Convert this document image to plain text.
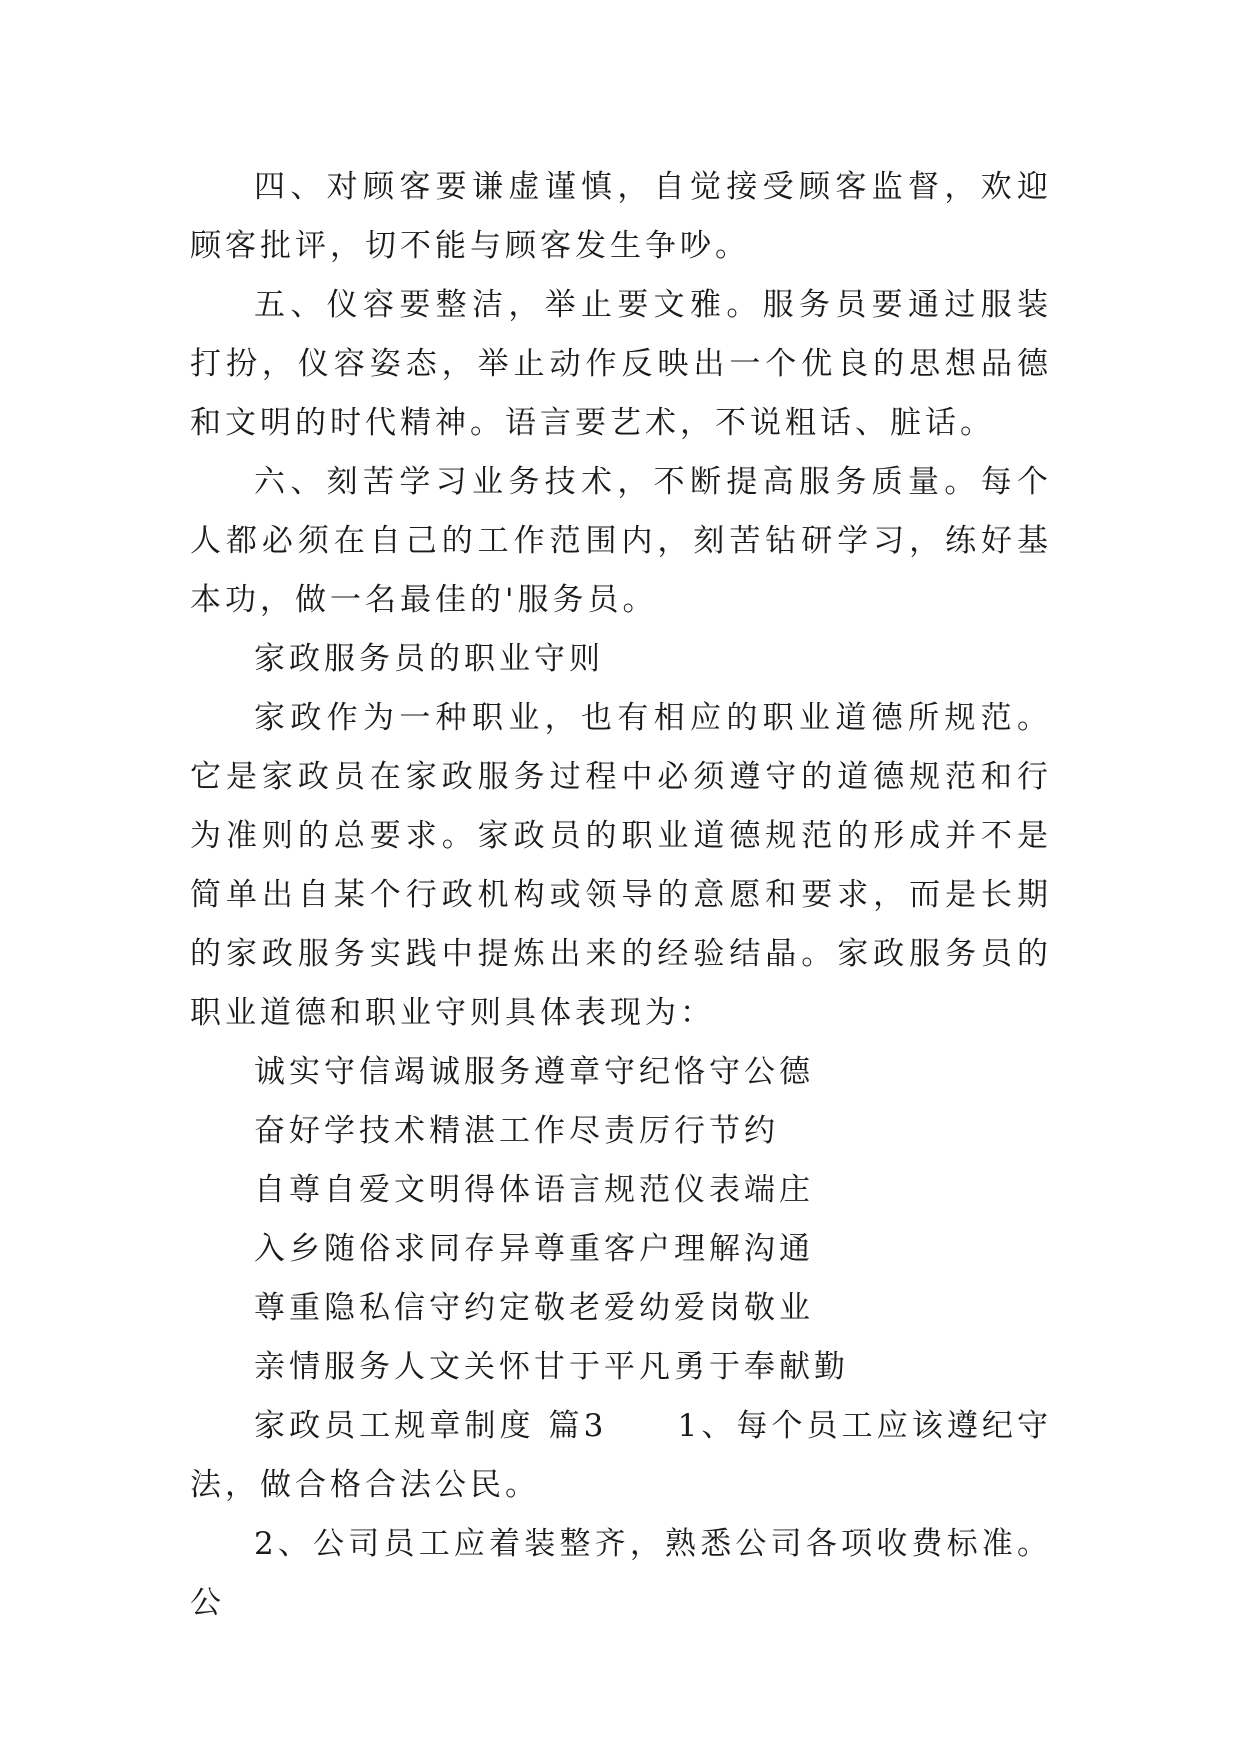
四、对顾客要谦虚谨慎，自觉接受顾客监督，欢迎顾客批评，切不能与顾客发生争吵。

五、仪容要整洁，举止要文雅。服务员要通过服装打扮，仪容姿态，举止动作反映出一个优良的思想品德和文明的时代精神。语言要艺术，不说粗话、脏话。

六、刻苦学习业务技术，不断提高服务质量。每个人都必须在自己的工作范围内，刻苦钻研学习，练好基本功，做一名最佳的'服务员。

家政服务员的职业守则

家政作为一种职业，也有相应的职业道德所规范。它是家政员在家政服务过程中必须遵守的道德规范和行为准则的总要求。家政员的职业道德规范的形成并不是简单出自某个行政机构或领导的意愿和要求，而是长期的家政服务实践中提炼出来的经验结晶。家政服务员的职业道德和职业守则具体表现为：

诚实守信竭诚服务遵章守纪恪守公德

奋好学技术精湛工作尽责厉行节约

自尊自爱文明得体语言规范仪表端庄

入乡随俗求同存异尊重客户理解沟通

尊重隐私信守约定敬老爱幼爱岗敬业

亲情服务人文关怀甘于平凡勇于奉献勤

家政员工规章制度 篇3　　1、每个员工应该遵纪守法，做合格合法公民。

2、公司员工应着装整齐，熟悉公司各项收费标准。公
